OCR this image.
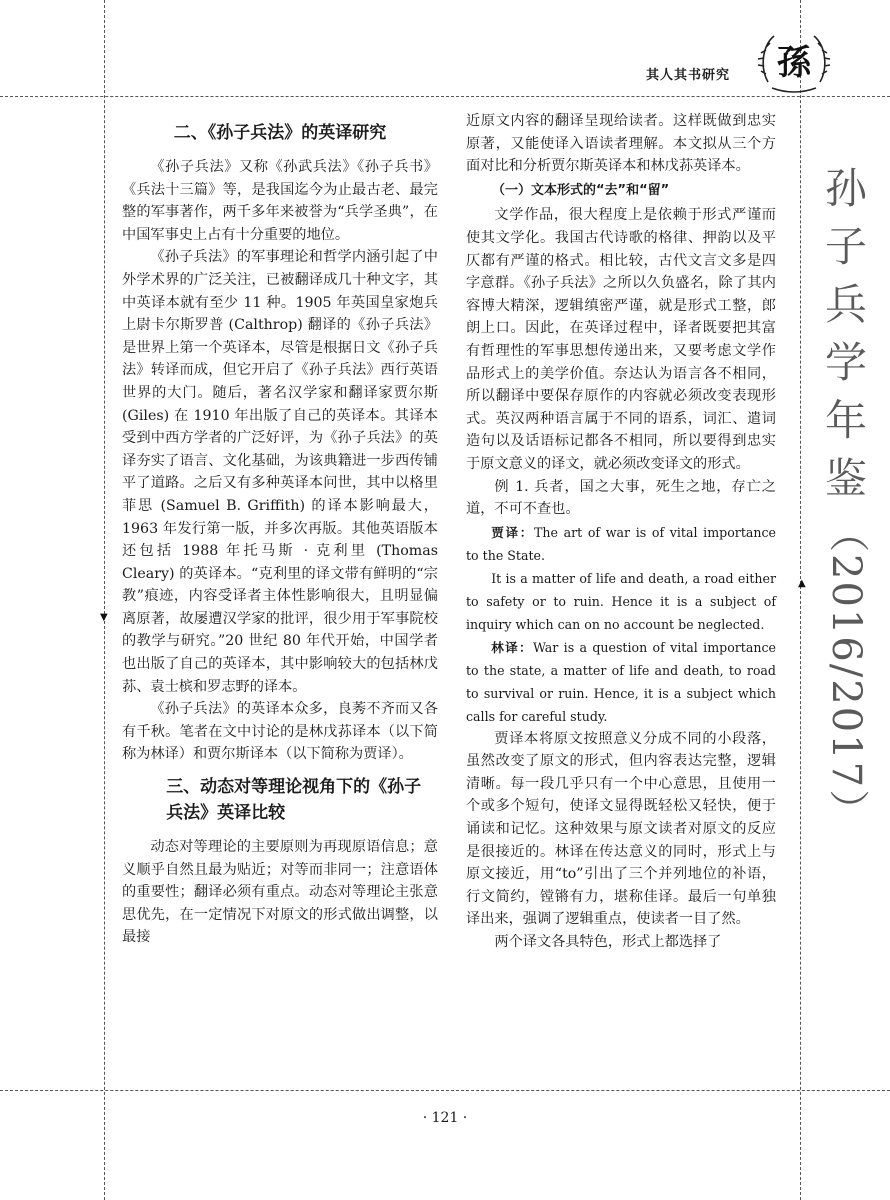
其人其书研究 孫
孙
子
兵
学
年
鉴
（2016/2017）
▲
▼
二、《孙子兵法》的英译研究

《孙子兵法》又称《孙武兵法》《孙子兵书》《兵法十三篇》等，是我国迄今为止最古老、最完整的军事著作，两千多年来被誉为“兵学圣典”，在中国军事史上占有十分重要的地位。

《孙子兵法》的军事理论和哲学内涵引起了中外学术界的广泛关注，已被翻译成几十种文字，其中英译本就有至少 11 种。1905 年英国皇家炮兵上尉卡尔斯罗普 (Calthrop) 翻译的《孙子兵法》是世界上第一个英译本，尽管是根据日文《孙子兵法》转译而成，但它开启了《孙子兵法》西行英语世界的大门。随后，著名汉学家和翻译家贾尔斯 (Giles) 在 1910 年出版了自己的英译本。其译本受到中西方学者的广泛好评，为《孙子兵法》的英译夯实了语言、文化基础，为该典籍进一步西传铺平了道路。之后又有多种英译本问世，其中以格里菲思 (Samuel B. Griffith) 的译本影响最大，1963 年发行第一版，并多次再版。其他英语版本还包括 1988 年托马斯 · 克利里 (Thomas Cleary) 的英译本。“克利里的译文带有鲜明的“宗教”痕迹，内容受译者主体性影响很大，且明显偏离原著，故屡遭汉学家的批评，很少用于军事院校的教学与研究。”20 世纪 80 年代开始，中国学者也出版了自己的英译本，其中影响较大的包括林戊荪、袁士槟和罗志野的译本。

《孙子兵法》的英译本众多，良莠不齐而又各有千秋。笔者在文中讨论的是林戊荪译本（以下简称为林译）和贾尔斯译本（以下简称为贾译）。

三、动态对等理论视角下的《孙子兵法》英译比较

动态对等理论的主要原则为再现原语信息；意义顺乎自然且最为贴近；对等而非同一；注意语体的重要性；翻译必须有重点。动态对等理论主张意思优先，在一定情况下对原文的形式做出调整，以最接

近原文内容的翻译呈现给读者。这样既做到忠实原著，又能使译入语读者理解。本文拟从三个方面对比和分析贾尔斯英译本和林戊荪英译本。

（一）文本形式的“去”和“留”

文学作品，很大程度上是依赖于形式严谨而使其文学化。我国古代诗歌的格律、押韵以及平仄都有严谨的格式。相比较，古代文言文多是四字意群。《孙子兵法》之所以久负盛名，除了其内容博大精深，逻辑缜密严谨，就是形式工整，郎朗上口。因此，在英译过程中，译者既要把其富有哲理性的军事思想传递出来，又要考虑文学作品形式上的美学价值。奈达认为语言各不相同，所以翻译中要保存原作的内容就必须改变表现形式。英汉两种语言属于不同的语系，词汇、遣词造句以及话语标记都各不相同，所以要得到忠实于原文意义的译文，就必须改变译文的形式。

例 1. 兵者，国之大事，死生之地，存亡之道，不可不查也。

贾译：The art of war is of vital importance to the State.

It is a matter of life and death, a road either to safety or to ruin. Hence it is a subject of inquiry which can on no account be neglected.

林译：War is a question of vital importance to the state, a matter of life and death, to road to survival or ruin. Hence, it is a subject which calls for careful study.

贾译本将原文按照意义分成不同的小段落，虽然改变了原文的形式，但内容表达完整，逻辑清晰。每一段几乎只有一个中心意思，且使用一个或多个短句，使译文显得既轻松又轻快，便于诵读和记忆。这种效果与原文读者对原文的反应是很接近的。林译在传达意义的同时，形式上与原文接近，用“to”引出了三个并列地位的补语，行文简约，镗锵有力，堪称佳译。最后一句单独译出来，强调了逻辑重点，使读者一目了然。

两个译文各具特色，形式上都选择了

· 121 ·
